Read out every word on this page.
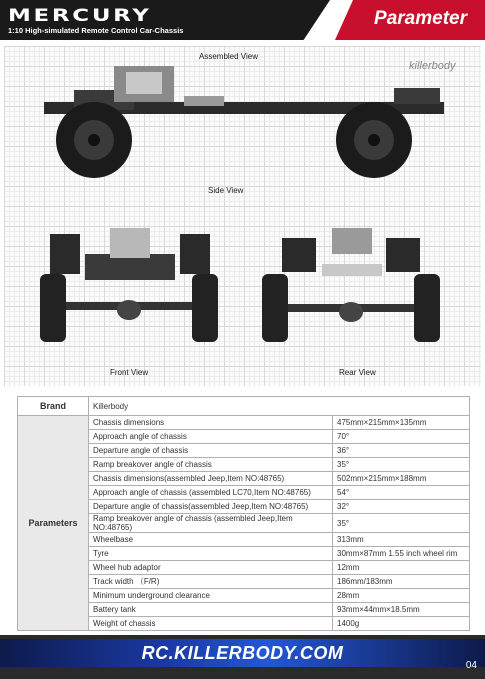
MERCURY
1:10 High-simulated Remote Control Car-Chassis
Parameter
Assembled View
killerbody
Side View
Front View	Rear View
Brand	Killerbody	
Parameters	Chassis dimensions	475mm×215mm×135mm
	Approach angle of chassis	70°
	Departure angle of chassis	36°
	Ramp breakover angle of chassis	35°
	Chassis dimensions(assembled Jeep,Item NO:48765)	502mm×215mm×188mm
	Approach angle of chassis (assembled LC70,Item NO:48765)	54°
	Departure angle of chassis(assembled Jeep,Item NO:48765)	32°
	Ramp breakover angle of chassis (assembled Jeep,Item NO:48765)	35°
	Wheelbase	313mm
	Tyre	30mm×87mm 1.55 inch wheel rim
	Wheel hub adaptor	12mm
	Track width （F/R)	186mm/183mm
	Minimum underground clearance	28mm
	Battery tank	93mm×44mm×18.5mm
	Weight of chassis	1400g
RC.KILLERBODY.COM
04
